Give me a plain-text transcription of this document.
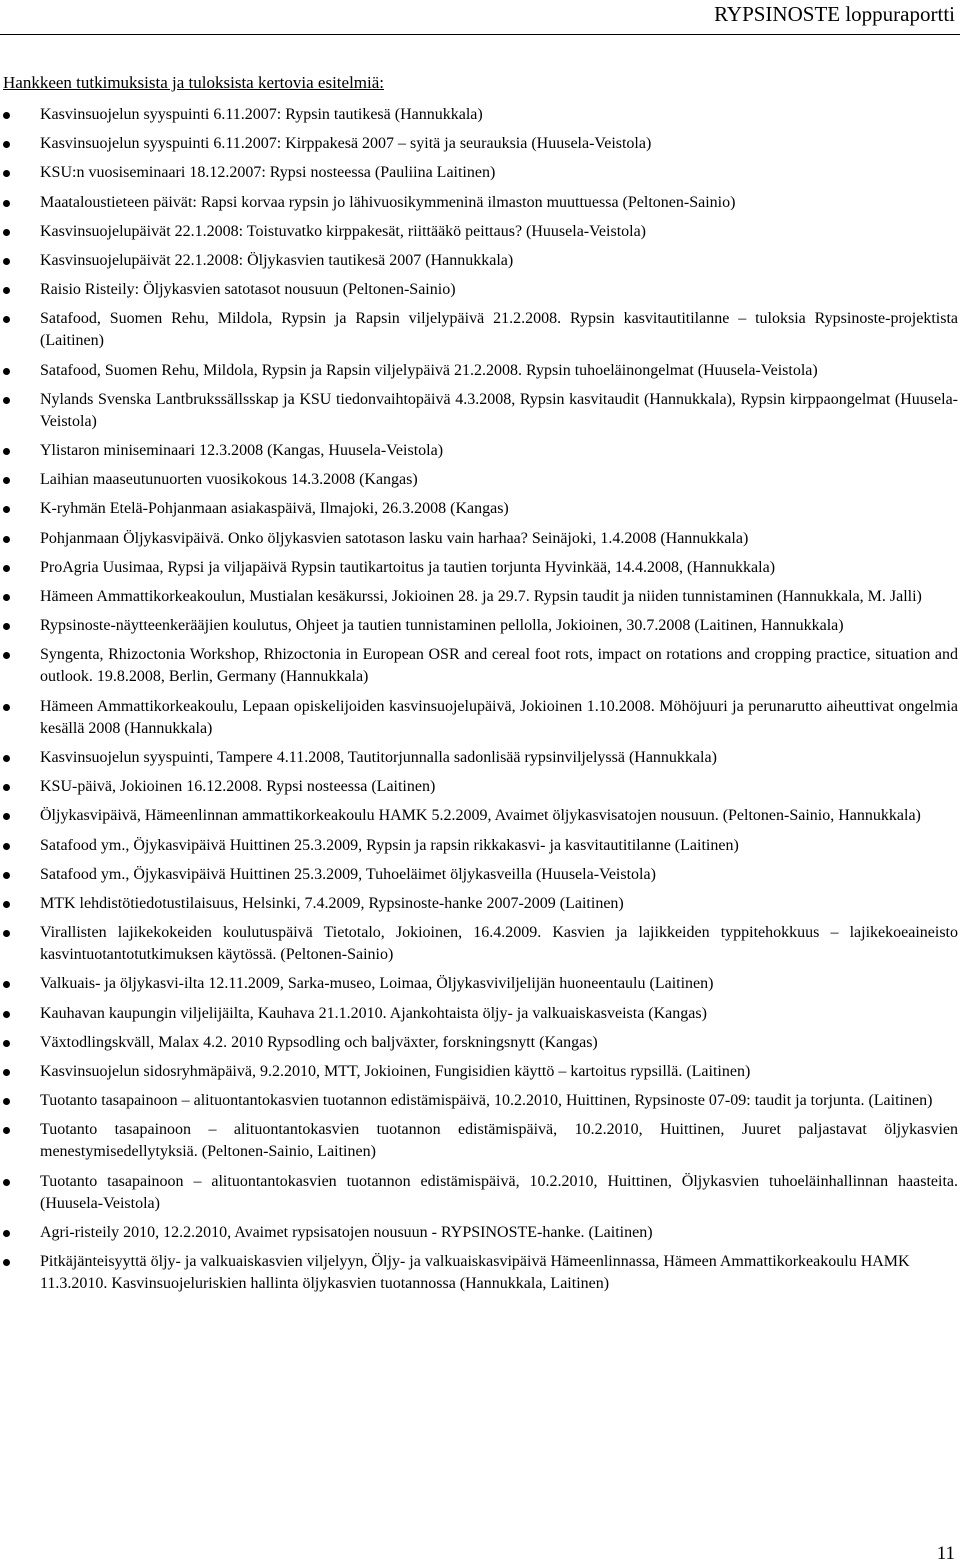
RYPSINOSTE loppuraportti
Hankkeen tutkimuksista ja tuloksista kertovia esitelmiä:
Kasvinsuojelun syyspuinti 6.11.2007: Rypsin tautikesä (Hannukkala)
Kasvinsuojelun syyspuinti 6.11.2007: Kirppakesä 2007 – syitä ja seurauksia (Huusela-Veistola)
KSU:n vuosiseminaari 18.12.2007: Rypsi nosteessa (Pauliina Laitinen)
Maataloustieteen päivät: Rapsi korvaa rypsin jo lähivuosikymmeninä ilmaston muuttuessa (Peltonen-Sainio)
Kasvinsuojelupäivät 22.1.2008: Toistuvatko kirppakesät, riittääkö peittaus? (Huusela-Veistola)
Kasvinsuojelupäivät 22.1.2008: Öljykasvien tautikesä 2007 (Hannukkala)
Raisio Risteily: Öljykasvien satotasot nousuun (Peltonen-Sainio)
Satafood, Suomen Rehu, Mildola, Rypsin ja Rapsin viljelypäivä 21.2.2008. Rypsin kasvitautitilanne – tuloksia Rypsinoste-projektista (Laitinen)
Satafood, Suomen Rehu, Mildola, Rypsin ja Rapsin viljelypäivä 21.2.2008. Rypsin tuhoeläinongelmat (Huusela-Veistola)
Nylands Svenska Lantbrukssällsskap ja KSU tiedonvaihtopäivä 4.3.2008, Rypsin kasvitaudit (Hannukkala), Rypsin kirppaongelmat (Huusela-Veistola)
Ylistaron miniseminaari 12.3.2008 (Kangas, Huusela-Veistola)
Laihian maaseutunuorten vuosikokous 14.3.2008 (Kangas)
K-ryhmän Etelä-Pohjanmaan asiakaspäivä, Ilmajoki, 26.3.2008 (Kangas)
Pohjanmaan Öljykasvipäivä. Onko öljykasvien satotason lasku vain harhaa? Seinäjoki, 1.4.2008 (Hannukkala)
ProAgria Uusimaa, Rypsi ja viljapäivä Rypsin tautikartoitus ja tautien torjunta Hyvinkää, 14.4.2008, (Hannukkala)
Hämeen Ammattikorkeakoulun, Mustialan kesäkurssi, Jokioinen 28. ja 29.7. Rypsin taudit ja niiden tunnistaminen (Hannukkala, M. Jalli)
Rypsinoste-näytteenkerääjien koulutus, Ohjeet ja tautien tunnistaminen pellolla, Jokioinen, 30.7.2008 (Laitinen, Hannukkala)
Syngenta, Rhizoctonia Workshop, Rhizoctonia in European OSR and cereal foot rots, impact on rotations and cropping practice, situation and outlook. 19.8.2008, Berlin, Germany (Hannukkala)
Hämeen Ammattikorkeakoulu, Lepaan opiskelijoiden kasvinsuojelupäivä, Jokioinen 1.10.2008. Möhöjuuri ja perunarutto aiheuttivat ongelmia kesällä 2008 (Hannukkala)
Kasvinsuojelun syyspuinti, Tampere 4.11.2008, Tautitorjunnalla sadonlisää rypsinviljelyssä (Hannukkala)
KSU-päivä, Jokioinen 16.12.2008. Rypsi nosteessa (Laitinen)
Öljykasvipäivä, Hämeenlinnan ammattikorkeakoulu HAMK 5.2.2009, Avaimet öljykasvisatojen nousuun. (Peltonen-Sainio, Hannukkala)
Satafood ym., Öjykasvipäivä Huittinen 25.3.2009, Rypsin ja rapsin rikkakasvi- ja kasvitautitilanne (Laitinen)
Satafood ym., Öjykasvipäivä Huittinen 25.3.2009, Tuhoeläimet öljykasveilla (Huusela-Veistola)
MTK lehdistötiedotustilaisuus, Helsinki, 7.4.2009, Rypsinoste-hanke 2007-2009 (Laitinen)
Virallisten lajikekokeiden koulutuspäivä Tietotalo, Jokioinen, 16.4.2009. Kasvien ja lajikkeiden typpitehokkuus – lajikekoeaineisto kasvintuotantotutkimuksen käytössä. (Peltonen-Sainio)
Valkuais- ja öljykasvi-ilta 12.11.2009, Sarka-museo, Loimaa, Öljykasviviljelijän huoneentaulu (Laitinen)
Kauhavan kaupungin viljelijäilta, Kauhava 21.1.2010. Ajankohtaista öljy- ja valkuaiskasveista (Kangas)
Växtodlingskväll, Malax 4.2. 2010 Rypsodling och baljväxter, forskningsnytt (Kangas)
Kasvinsuojelun sidosryhmäpäivä, 9.2.2010, MTT, Jokioinen, Fungisidien käyttö – kartoitus rypsillä. (Laitinen)
Tuotanto tasapainoon – alituontantokasvien tuotannon edistämispäivä, 10.2.2010, Huittinen, Rypsinoste 07-09: taudit ja torjunta. (Laitinen)
Tuotanto tasapainoon – alituontantokasvien tuotannon edistämispäivä, 10.2.2010, Huittinen, Juuret paljastavat öljykasvien menestymisedellytyksiä. (Peltonen-Sainio, Laitinen)
Tuotanto tasapainoon – alituontantokasvien tuotannon edistämispäivä, 10.2.2010, Huittinen, Öljykasvien tuhoeläinhallinnan haasteita. (Huusela-Veistola)
Agri-risteily 2010, 12.2.2010, Avaimet rypsisatojen nousuun - RYPSINOSTE-hanke. (Laitinen)
Pitkäjänteisyyttä öljy- ja valkuaiskasvien viljelyyn, Öljy- ja valkuaiskasvipäivä Hämeenlinnassa, Hämeen Ammattikorkeakoulu HAMK 11.3.2010. Kasvinsuojeluriskien hallinta öljykasvien tuotannossa (Hannukkala, Laitinen)
11
